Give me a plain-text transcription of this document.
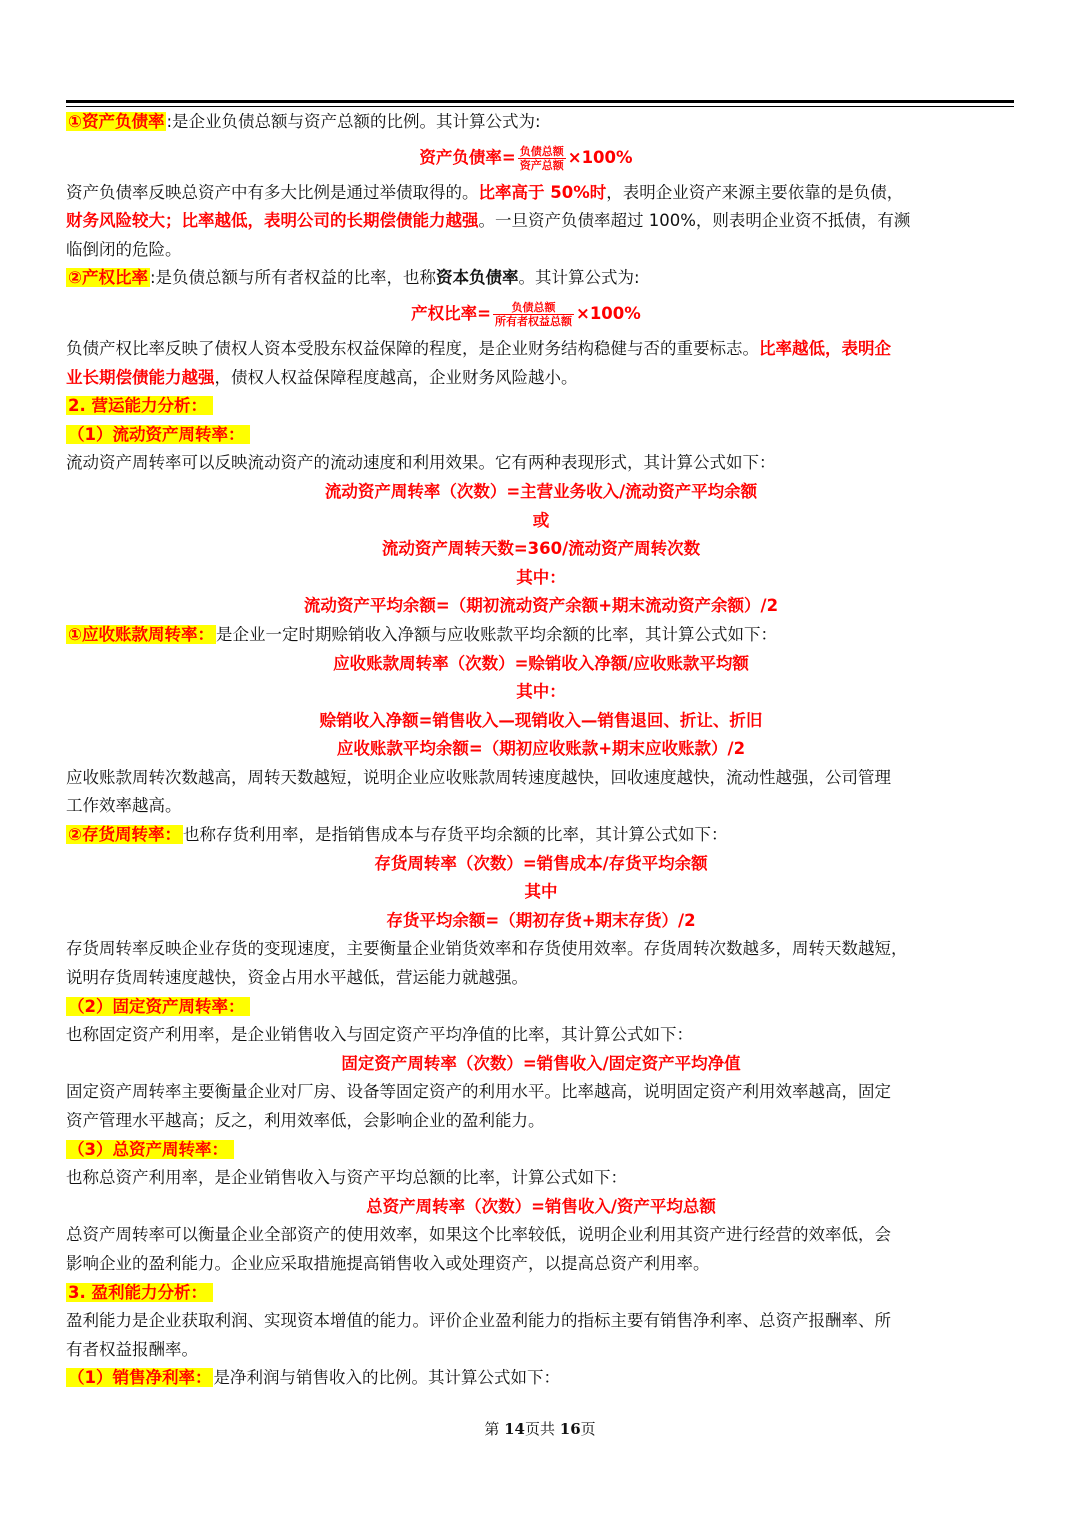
①资产负债率 :是企业负债总额与资产总额的比例。其计算公式为:
资产负债率= $\frac{\text{负债总额}}{\text{资产总额}} \times 100\%$
资产负债率反映总资产中有多大比例是通过举债取得的。比率高于 50%时，表明企业资产来源主要依靠的是负债，
财务风险较大；比率越低，表明公司的长期偿债能力越强。一旦资产负债率超过 100%，则表明企业资不抵债，有濒
临倒闭的危险。
②产权比率 :是负债总额与所有者权益的比率，也称资本负债率。其计算公式为:
产权比率= $\frac{\text{负债总额}}{\text{所有者权益总额}} \times 100\%$
负债产权比率反映了债权人资本受股东权益保障的程度，是企业财务结构稳健与否的重要标志。比率越低，表明企
业长期偿债能力越强，债权人权益保障程度越高，企业财务风险越小。
2. 营运能力分析：
（1）流动资产周转率：
流动资产周转率可以反映流动资产的流动速度和利用效果。它有两种表现形式，其计算公式如下：
流动资产周转率（次数）=主营业务收入/流动资产平均余额
或
流动资产周转天数=360/流动资产周转次数
其中：
流动资产平均余额=（期初流动资产余额+期末流动资产余额）/2
①应收账款周转率： 是企业一定时期赊销收入净额与应收账款平均余额的比率，其计算公式如下：
应收账款周转率（次数）=赊销收入净额/应收账款平均额
其中：
赊销收入净额=销售收入—现销收入—销售退回、折让、折旧
应收账款平均余额=（期初应收账款+期末应收账款）/2
应收账款周转次数越高，周转天数越短，说明企业应收账款周转速度越快，回收速度越快，流动性越强，公司管理
工作效率越高。
②存货周转率： 也称存货利用率，是指销售成本与存货平均余额的比率，其计算公式如下：
存货周转率（次数）=销售成本/存货平均余额
其中
存货平均余额=（期初存货+期末存货）/2
存货周转率反映企业存货的变现速度，主要衡量企业销货效率和存货使用效率。存货周转次数越多，周转天数越短，
说明存货周转速度越快，资金占用水平越低，营运能力就越强。
（2）固定资产周转率：
也称固定资产利用率，是企业销售收入与固定资产平均净值的比率，其计算公式如下：
固定资产周转率（次数）=销售收入/固定资产平均净值
固定资产周转率主要衡量企业对厂房、设备等固定资产的利用水平。比率越高，说明固定资产利用效率越高，固定
资产管理水平越高；反之，利用效率低，会影响企业的盈利能力。
（3）总资产周转率：
也称总资产利用率，是企业销售收入与资产平均总额的比率，计算公式如下：
总资产周转率（次数）=销售收入/资产平均总额
总资产周转率可以衡量企业全部资产的使用效率，如果这个比率较低，说明企业利用其资产进行经营的效率低，会
影响企业的盈利能力。企业应采取措施提高销售收入或处理资产，以提高总资产利用率。
3. 盈利能力分析：
盈利能力是企业获取利润、实现资本增值的能力。评价企业盈利能力的指标主要有销售净利率、总资产报酬率、所
有者权益报酬率。
（1）销售净利率： 是净利润与销售收入的比例。其计算公式如下：
第 14页共 16页
